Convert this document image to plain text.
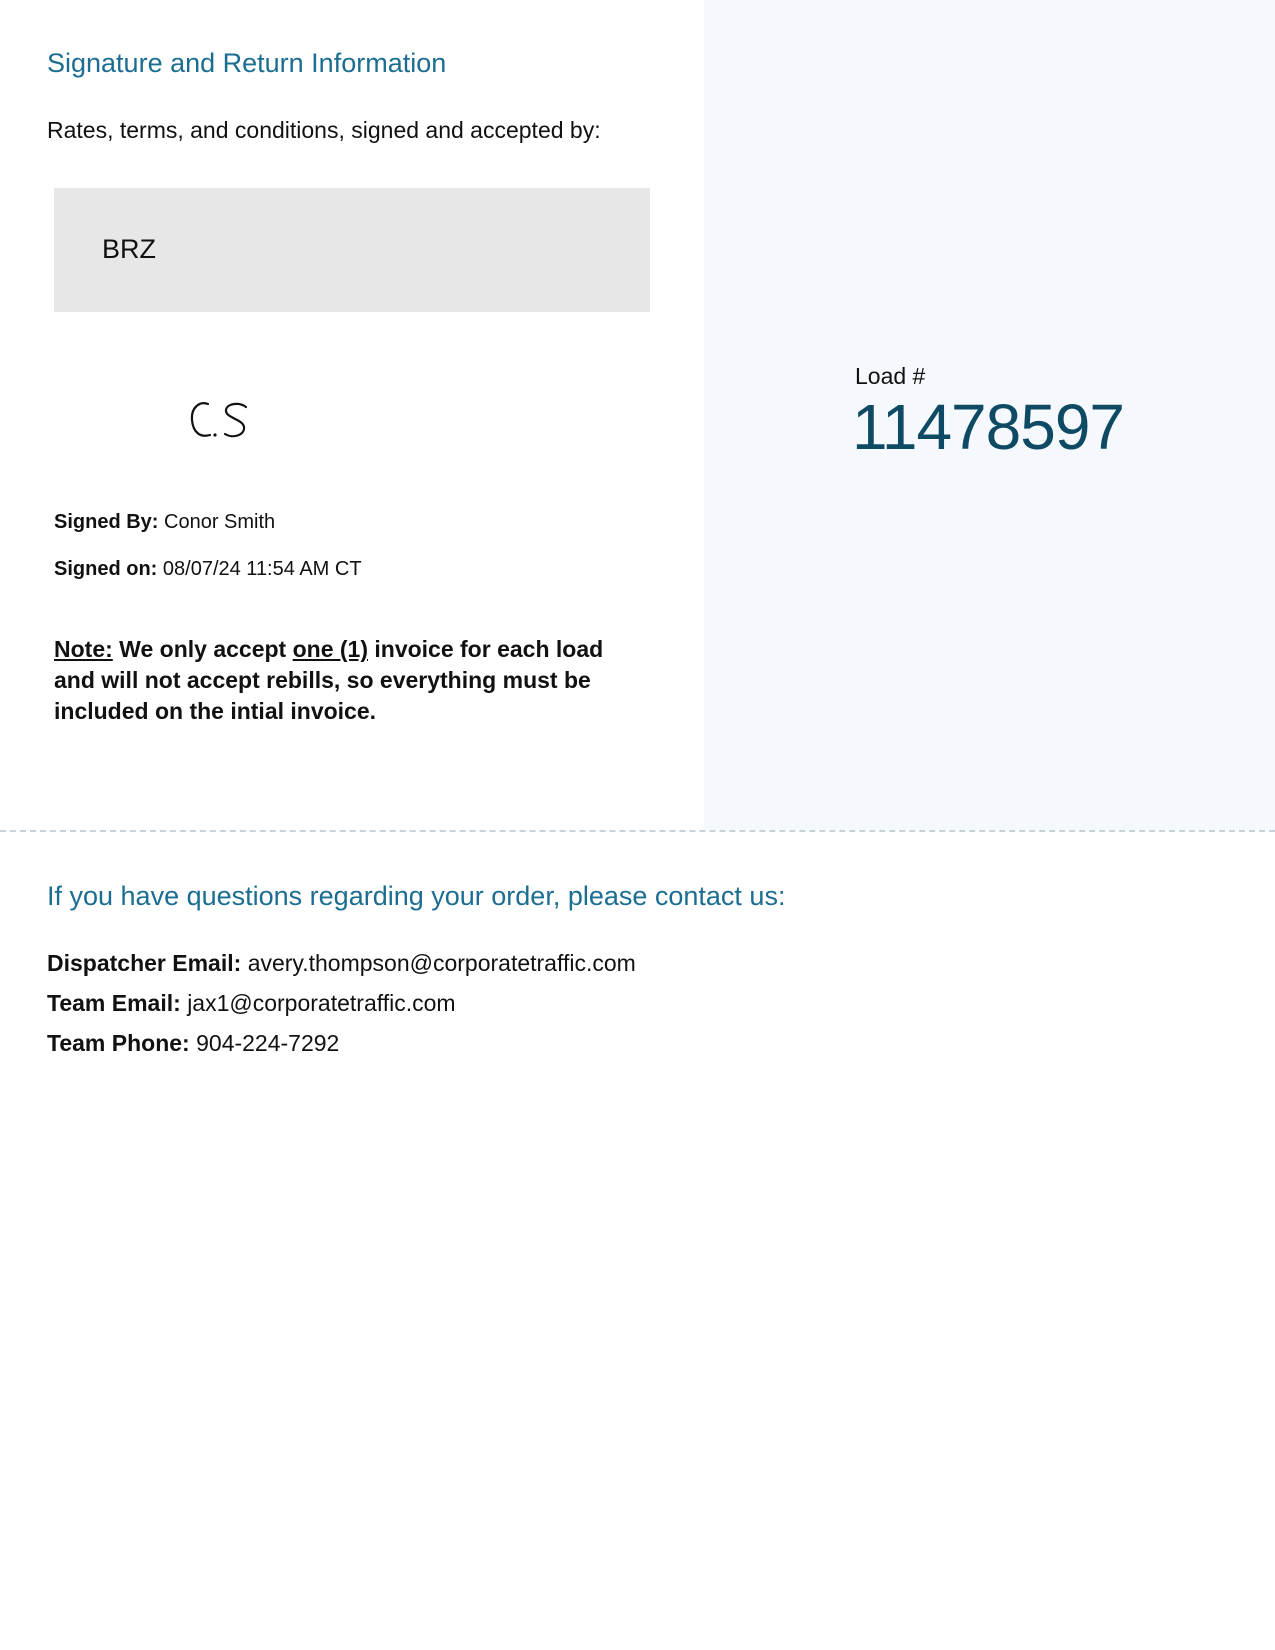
Signature and Return Information
Rates, terms, and conditions, signed and accepted by:
BRZ
Signed By: Conor Smith
Signed on: 08/07/24 11:54 AM CT
Note: We only accept one (1) invoice for each load and will not accept rebills, so everything must be included on the intial invoice.
Load #
11478597
If you have questions regarding your order, please contact us:
Dispatcher Email: avery.thompson@corporatetraffic.com
Team Email: jax1@corporatetraffic.com
Team Phone: 904-224-7292
